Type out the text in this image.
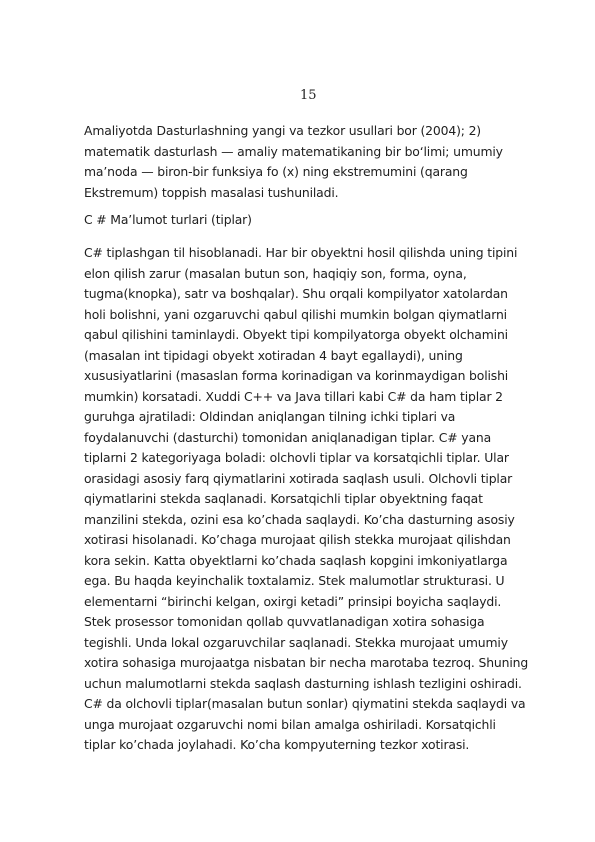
15
Amaliyotda Dasturlashning yangi va tezkor usullari bor (2004); 2)
matematik dasturlash — amaliy matematikaning bir bo‘limi; umumiy
ma’noda — biron-bir funksiya fo (x) ning ekstremumini (qarang
Ekstremum) toppish masalasi tushuniladi.
C # Ma’lumot turlari (tiplar)
C# tiplashgan til hisoblanadi. Har bir obyektni hosil qilishda uning tipini
elon qilish zarur (masalan butun son, haqiqiy son, forma, oyna,
tugma(knopka), satr va boshqalar). Shu orqali kompilyator xatolardan
holi bolishni, yani ozgaruvchi qabul qilishi mumkin bolgan qiymatlarni
qabul qilishini taminlaydi. Obyekt tipi kompilyatorga obyekt olchamini
(masalan int tipidagi obyekt xotiradan 4 bayt egallaydi), uning
xususiyatlarini (masaslan forma korinadigan va korinmaydigan bolishi
mumkin) korsatadi. Xuddi C++ va Java tillari kabi C# da ham tiplar 2
guruhga ajratiladi: Oldindan aniqlangan tilning ichki tiplari va
foydalanuvchi (dasturchi) tomonidan aniqlanadigan tiplar. C# yana
tiplarni 2 kategoriyaga boladi: olchovli tiplar va korsatqichli tiplar. Ular
orasidagi asosiy farq qiymatlarini xotirada saqlash usuli. Olchovli tiplar
qiymatlarini stekda saqlanadi. Korsatqichli tiplar obyektning faqat
manzilini stekda, ozini esa ko’chada saqlaydi. Ko’cha dasturning asosiy
xotirasi hisolanadi. Ko’chaga murojaat qilish stekka murojaat qilishdan
kora sekin. Katta obyektlarni ko’chada saqlash kopgini imkoniyatlarga
ega. Bu haqda keyinchalik toxtalamiz. Stek malumotlar strukturasi. U
elementarni “birinchi kelgan, oxirgi ketadi” prinsipi boyicha saqlaydi.
Stek prosessor tomonidan qollab quvvatlanadigan xotira sohasiga
tegishli. Unda lokal ozgaruvchilar saqlanadi. Stekka murojaat umumiy
xotira sohasiga murojaatga nisbatan bir necha marotaba tezroq. Shuning
uchun malumotlarni stekda saqlash dasturning ishlash tezligini oshiradi.
C# da olchovli tiplar(masalan butun sonlar) qiymatini stekda saqlaydi va
unga murojaat ozgaruvchi nomi bilan amalga oshiriladi. Korsatqichli
tiplar ko’chada joylahadi. Ko’cha kompyuterning tezkor xotirasi.
